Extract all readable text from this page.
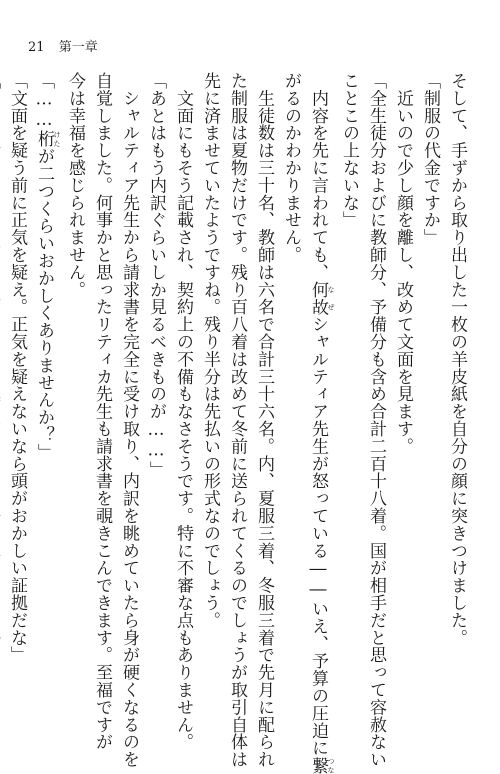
21 第一章

そして、手ずから取り出した一枚の羊皮紙を自分の顔に突きつけました。

「制服の代金ですか」

　近いので少し顔を離し、改めて文面を見ます。

「全生徒分およびに教師分、予備分も含め合計二百十八着。国が相手だと思って容赦ない

ことこの上ないな」

　内容を先に言われても、何故 なぜシャルティア先生が怒っている――いえ、予算の圧迫に繋 つな

がるのかわかりません。

　生徒数は三十名、教師は六名で合計三十六名。内、夏服三着、冬服三着で先月に配られ

た制服は夏物だけです。残り百八着は改めて冬前に送られてくるのでしょうが取引自体は

先に済ませていたようですね。残り半分は先払いの形式なのでしょう。

　文面にもそう記載され、契約上の不備もなさそうです。特に不審な点もありません。

「あとはもう内訳ぐらいしか見るべきものが……」

　シャルティア先生から請求書を完全に受け取り、内訳を眺めていたら身が硬くなるのを

自覚しました。何事かと思ったリティカ先生も請求書を覗きこんできます。至福ですが

今は幸福を感じられません。

「……桁 けたが二つくらいおかしくありませんか？」

「文面を疑う前に正気を疑え。正気を疑えないなら頭がおかしい証拠だな」
